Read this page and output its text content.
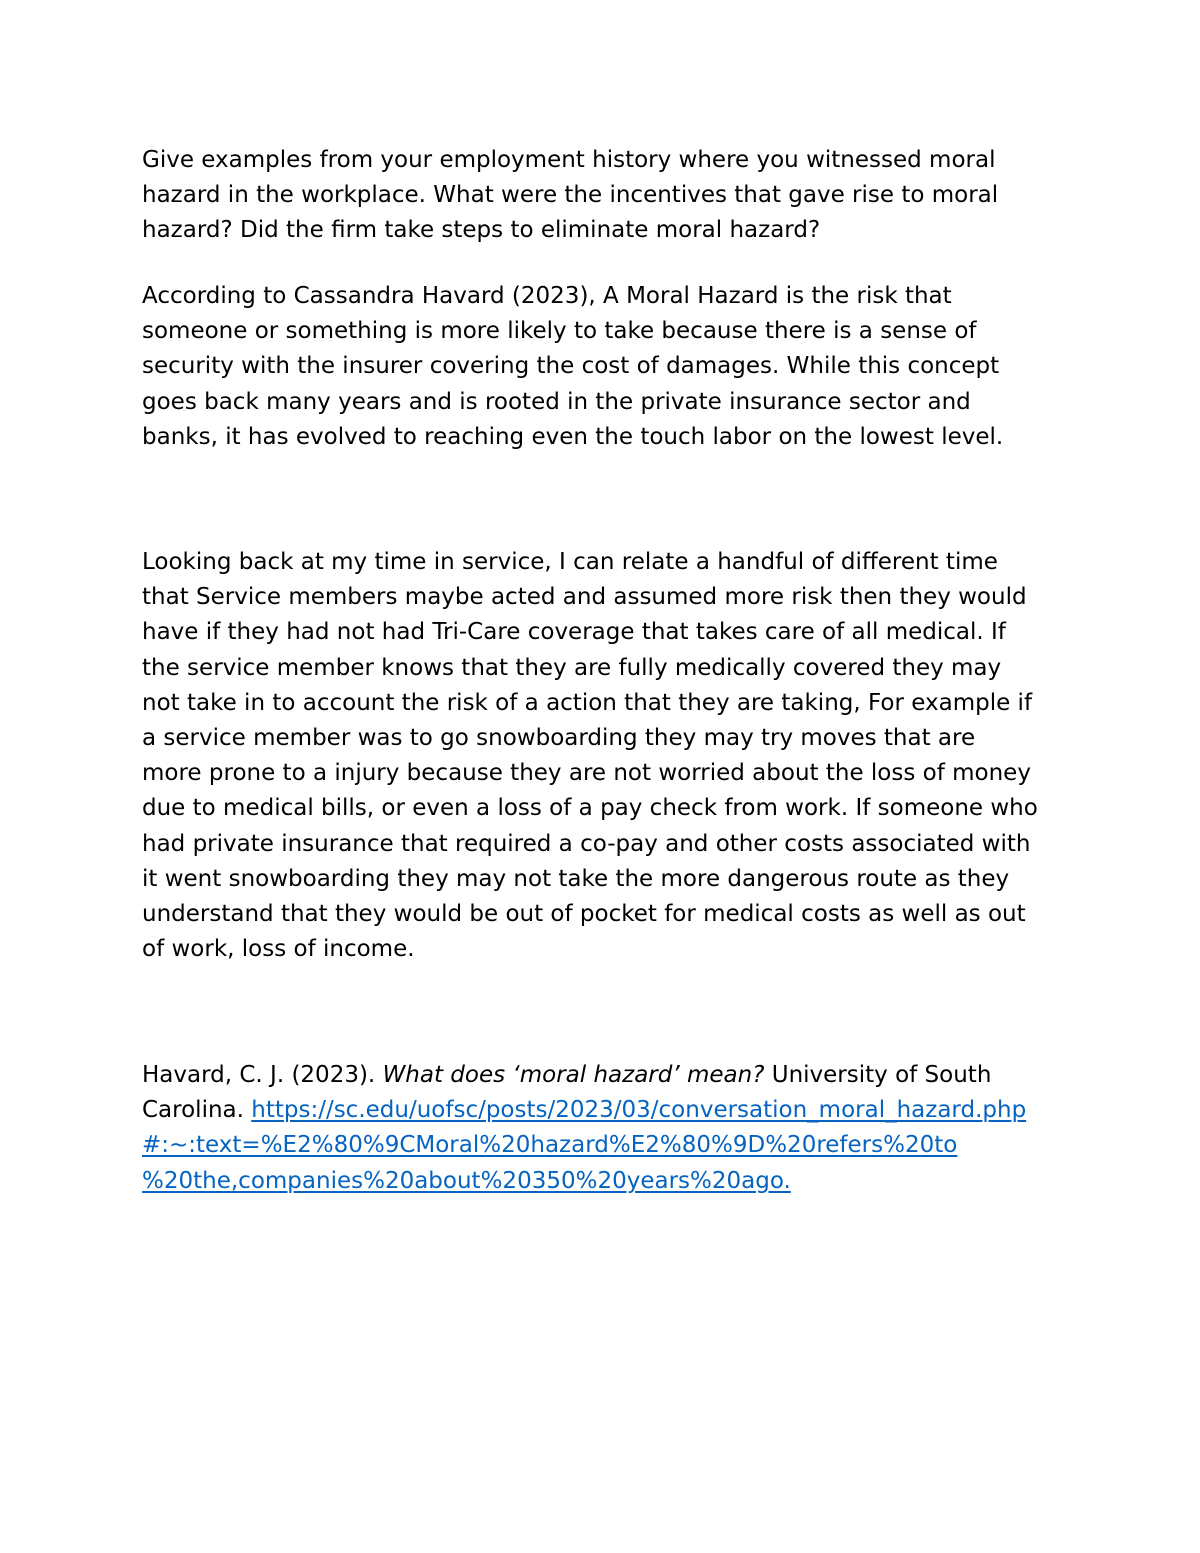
Give examples from your employment history where you witnessed moral
hazard in the workplace. What were the incentives that gave rise to moral
hazard? Did the firm take steps to eliminate moral hazard?
According to Cassandra Havard (2023), A Moral Hazard is the risk that
someone or something is more likely to take because there is a sense of
security with the insurer covering the cost of damages. While this concept
goes back many years and is rooted in the private insurance sector and
banks, it has evolved to reaching even the touch labor on the lowest level.
Looking back at my time in service, I can relate a handful of different time
that Service members maybe acted and assumed more risk then they would
have if they had not had Tri-Care coverage that takes care of all medical. If
the service member knows that they are fully medically covered they may
not take in to account the risk of a action that they are taking, For example if
a service member was to go snowboarding they may try moves that are
more prone to a injury because they are not worried about the loss of money
due to medical bills, or even a loss of a pay check from work. If someone who
had private insurance that required a co-pay and other costs associated with
it went snowboarding they may not take the more dangerous route as they
understand that they would be out of pocket for medical costs as well as out
of work, loss of income.
Havard, C. J. (2023). What does ‘moral hazard’ mean? University of South
Carolina. https://sc.edu/uofsc/posts/2023/03/conversation_moral_hazard.php
#:~:text=%E2%80%9CMoral%20hazard%E2%80%9D%20refers%20to
%20the,companies%20about%20350%20years%20ago.
